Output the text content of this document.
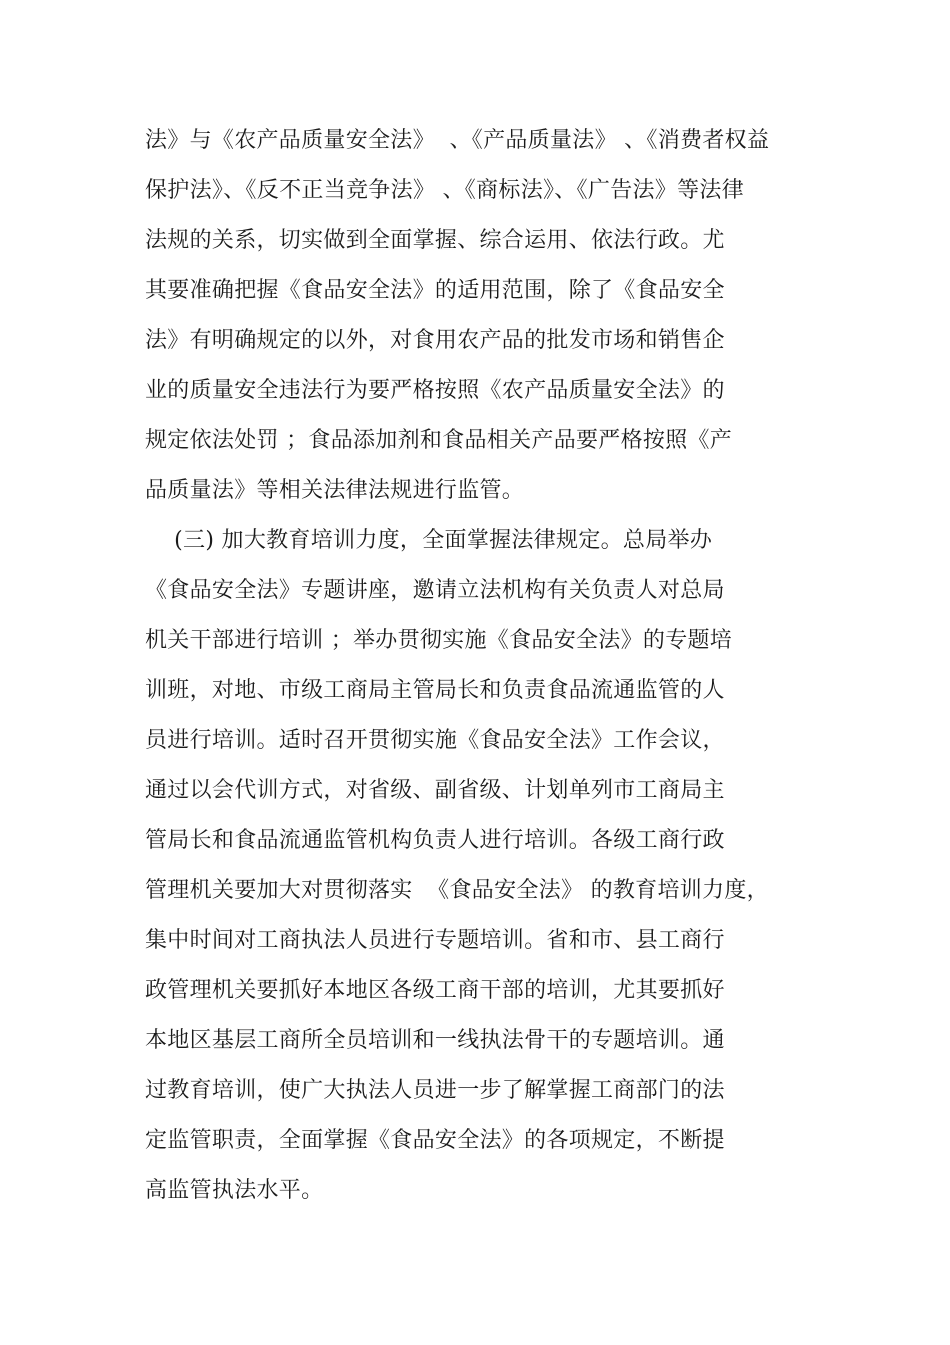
法》与《农产品质量安全法》  、《产品质量法》 、《消费者权益
保护法》、《反不正当竞争法》 、《商标法》、《广告法》等法律
法规的关系，切实做到全面掌握、综合运用、依法行政。尤
其要准确把握《食品安全法》的适用范围，除了《食品安全
法》有明确规定的以外，对食用农产品的批发市场和销售企
业的质量安全违法行为要严格按照《农产品质量安全法》的
规定依法处罚 ；食品添加剂和食品相关产品要严格按照《产
品质量法》等相关法律法规进行监管。
(三) 加大教育培训力度，全面掌握法律规定。总局举办
《食品安全法》专题讲座，邀请立法机构有关负责人对总局
机关干部进行培训 ；举办贯彻实施《食品安全法》的专题培
训班，对地、市级工商局主管局长和负责食品流通监管的人
员进行培训。适时召开贯彻实施《食品安全法》工作会议，
通过以会代训方式，对省级、副省级、计划单列市工商局主
管局长和食品流通监管机构负责人进行培训。各级工商行政
管理机关要加大对贯彻落实  《食品安全法》 的教育培训力度，
集中时间对工商执法人员进行专题培训。省和市、县工商行
政管理机关要抓好本地区各级工商干部的培训，尤其要抓好
本地区基层工商所全员培训和一线执法骨干的专题培训。通
过教育培训，使广大执法人员进一步了解掌握工商部门的法
定监管职责，全面掌握《食品安全法》的各项规定，不断提
高监管执法水平。
